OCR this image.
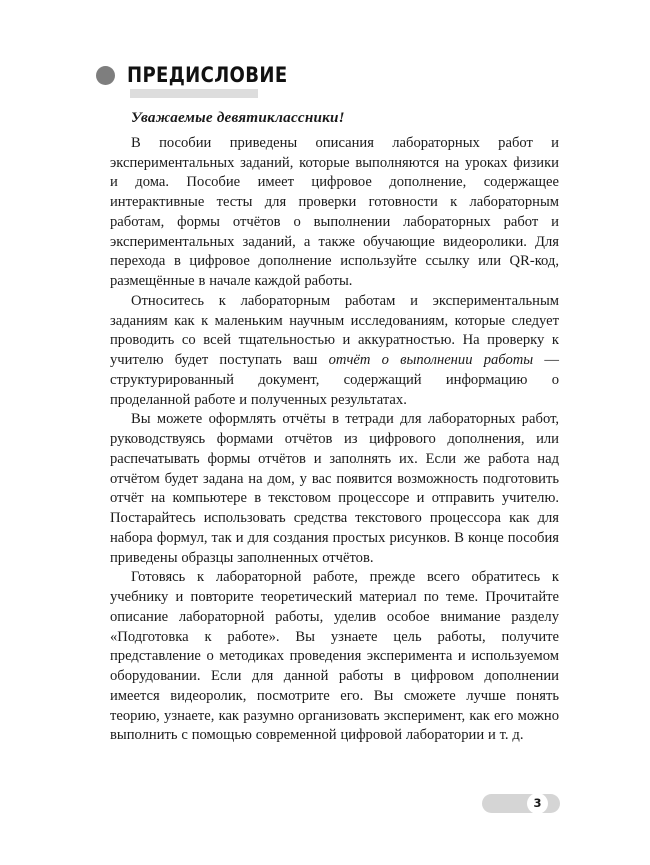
ПРЕДИСЛОВИЕ

Уважаемые девятиклассники!

В пособии приведены описания лабораторных работ и экспериментальных заданий, которые выполняются на уроках физики и дома. Пособие имеет цифровое дополнение, содержащее интерактивные тесты для проверки готовности к лабораторным работам, формы отчётов о выполнении лабораторных работ и экспериментальных заданий, а также обучающие видеоролики. Для перехода в цифровое дополнение используйте ссылку или QR-код, размещённые в начале каждой работы.

Относитесь к лабораторным работам и экспериментальным заданиям как к маленьким научным исследованиям, которые следует проводить со всей тщательностью и аккуратностью. На проверку к учителю будет поступать ваш отчёт о выполнении работы — структурированный документ, содержащий информацию о проделанной работе и полученных результатах.

Вы можете оформлять отчёты в тетради для лабораторных работ, руководствуясь формами отчётов из цифрового дополнения, или распечатывать формы отчётов и заполнять их. Если же работа над отчётом будет задана на дом, у вас появится возможность подготовить отчёт на компьютере в текстовом процессоре и отправить учителю. Постарайтесь использовать средства текстового процессора как для набора формул, так и для создания простых рисунков. В конце пособия приведены образцы заполненных отчётов.

Готовясь к лабораторной работе, прежде всего обратитесь к учебнику и повторите теоретический материал по теме. Прочитайте описание лабораторной работы, уделив особое внимание разделу «Подготовка к работе». Вы узнаете цель работы, получите представление о методиках проведения эксперимента и используемом оборудовании. Если для данной работы в цифровом дополнении имеется видеоролик, посмотрите его. Вы сможете лучше понять теорию, узнаете, как разумно организовать эксперимент, как его можно выполнить с помощью современной цифровой лаборатории и т. д.

3
